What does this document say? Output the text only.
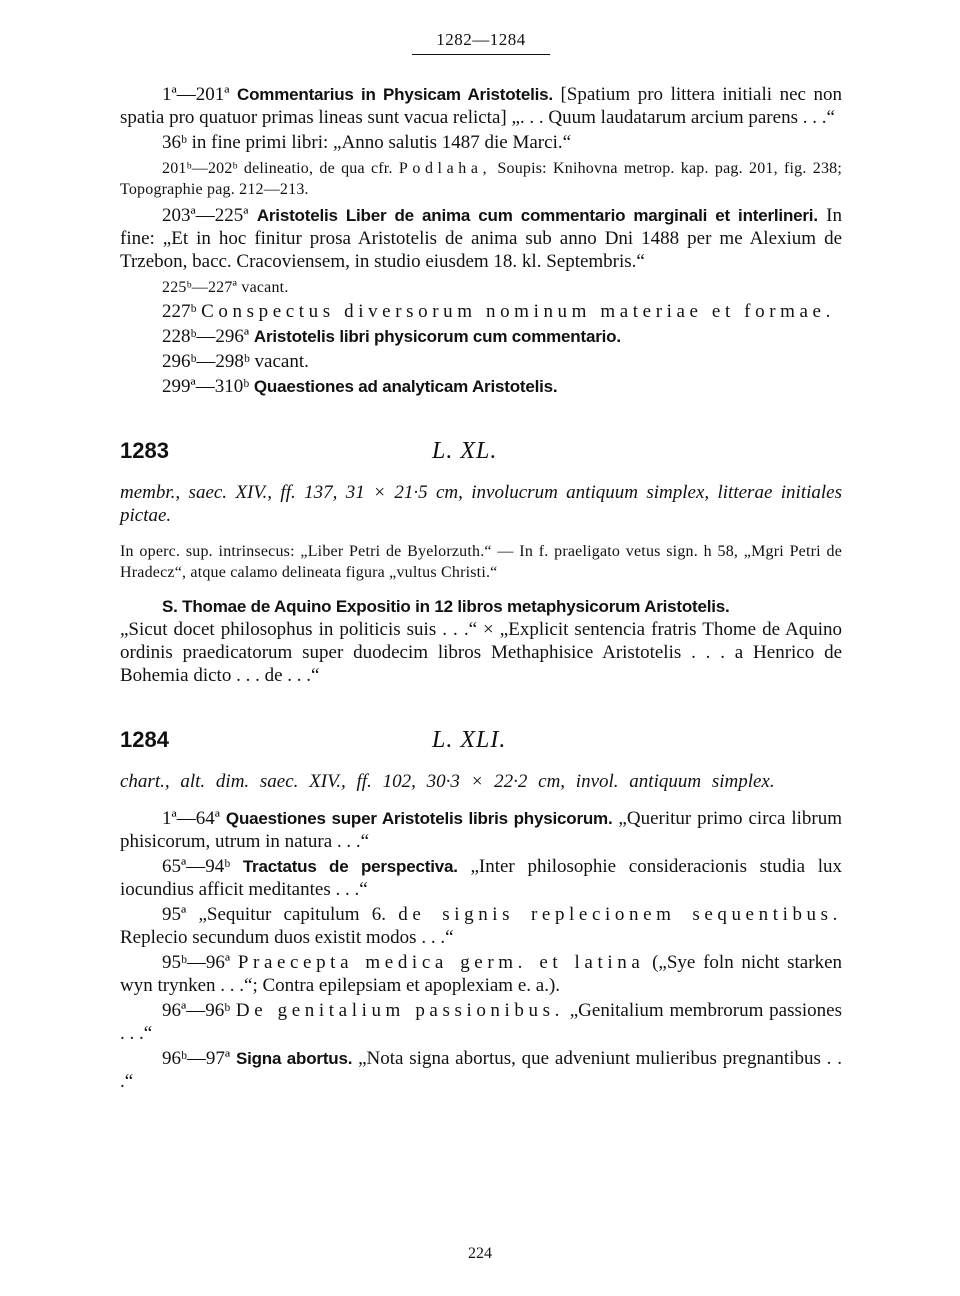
1282—1284

1ª—201ª Commentarius in Physicam Aristotelis. [Spatium pro littera initiali nec non spatia pro quatuor primas lineas sunt vacua relicta] „. . . Quum laudatarum arcium parens . . .“

36ᵇ in fine primi libri: „Anno salutis 1487 die Marci.“

201ᵇ—202ᵇ delineatio, de qua cfr. Podlaha, Soupis: Knihovna metrop. kap. pag. 201, fig. 238; Topographie pag. 212—213.

203ª—225ª Aristotelis Liber de anima cum commentario marginali et interlineri. In fine: „Et in hoc finitur prosa Aristotelis de anima sub anno Dni 1488 per me Alexium de Trzebon, bacc. Cracoviensem, in studio eiusdem 18. kl. Septembris.“

225ᵇ—227ª vacant.

227ᵇ Conspectus diversorum nominum materiae et formae.

228ᵇ—296ª Aristotelis libri physicorum cum commentario.

296ᵇ—298ᵇ vacant.

299ª—310ᵇ Quaestiones ad analyticam Aristotelis.

1283	L. XL.

membr., saec. XIV., ff. 137, 31 × 21·5 cm, involucrum antiquum simplex, litterae initiales pictae.

In operc. sup. intrinsecus: „Liber Petri de Byelorzuth.“ — In f. praeligato vetus sign. h 58, „Mgri Petri de Hradecz“, atque calamo delineata figura „vultus Christi.“

S. Thomae de Aquino Expositio in 12 libros metaphysicorum Aristotelis.

„Sicut docet philosophus in politicis suis . . .“ × „Explicit sentencia fratris Thome de Aquino ordinis praedicatorum super duodecim libros Methaphisice Aristotelis . . . a Henrico de Bohemia dicto . . . de . . .“

1284	L. XLI.

chart., alt. dim. saec. XIV., ff. 102, 30·3 × 22·2 cm, invol. antiquum simplex.

1ª—64ª Quaestiones super Aristotelis libris physicorum. „Queritur primo circa librum phisicorum, utrum in natura . . .“

65ª—94ᵇ Tractatus de perspectiva. „Inter philosophie consideracionis studia lux iocundius afficit meditantes . . .“

95ª „Sequitur capitulum 6. de signis replecionem sequentibus. Replecio secundum duos existit modos . . .“

95ᵇ—96ª Praecepta medica germ. et latina („Sye foln nicht starken wyn trynken . . .“; Contra epilepsiam et apoplexiam e. a.).

96ª—96ᵇ De genitalium passionibus. „Genitalium membrorum passiones . . .“

96ᵇ—97ª Signa abortus. „Nota signa abortus, que adveniunt mulieribus pregnantibus . . .“

224
